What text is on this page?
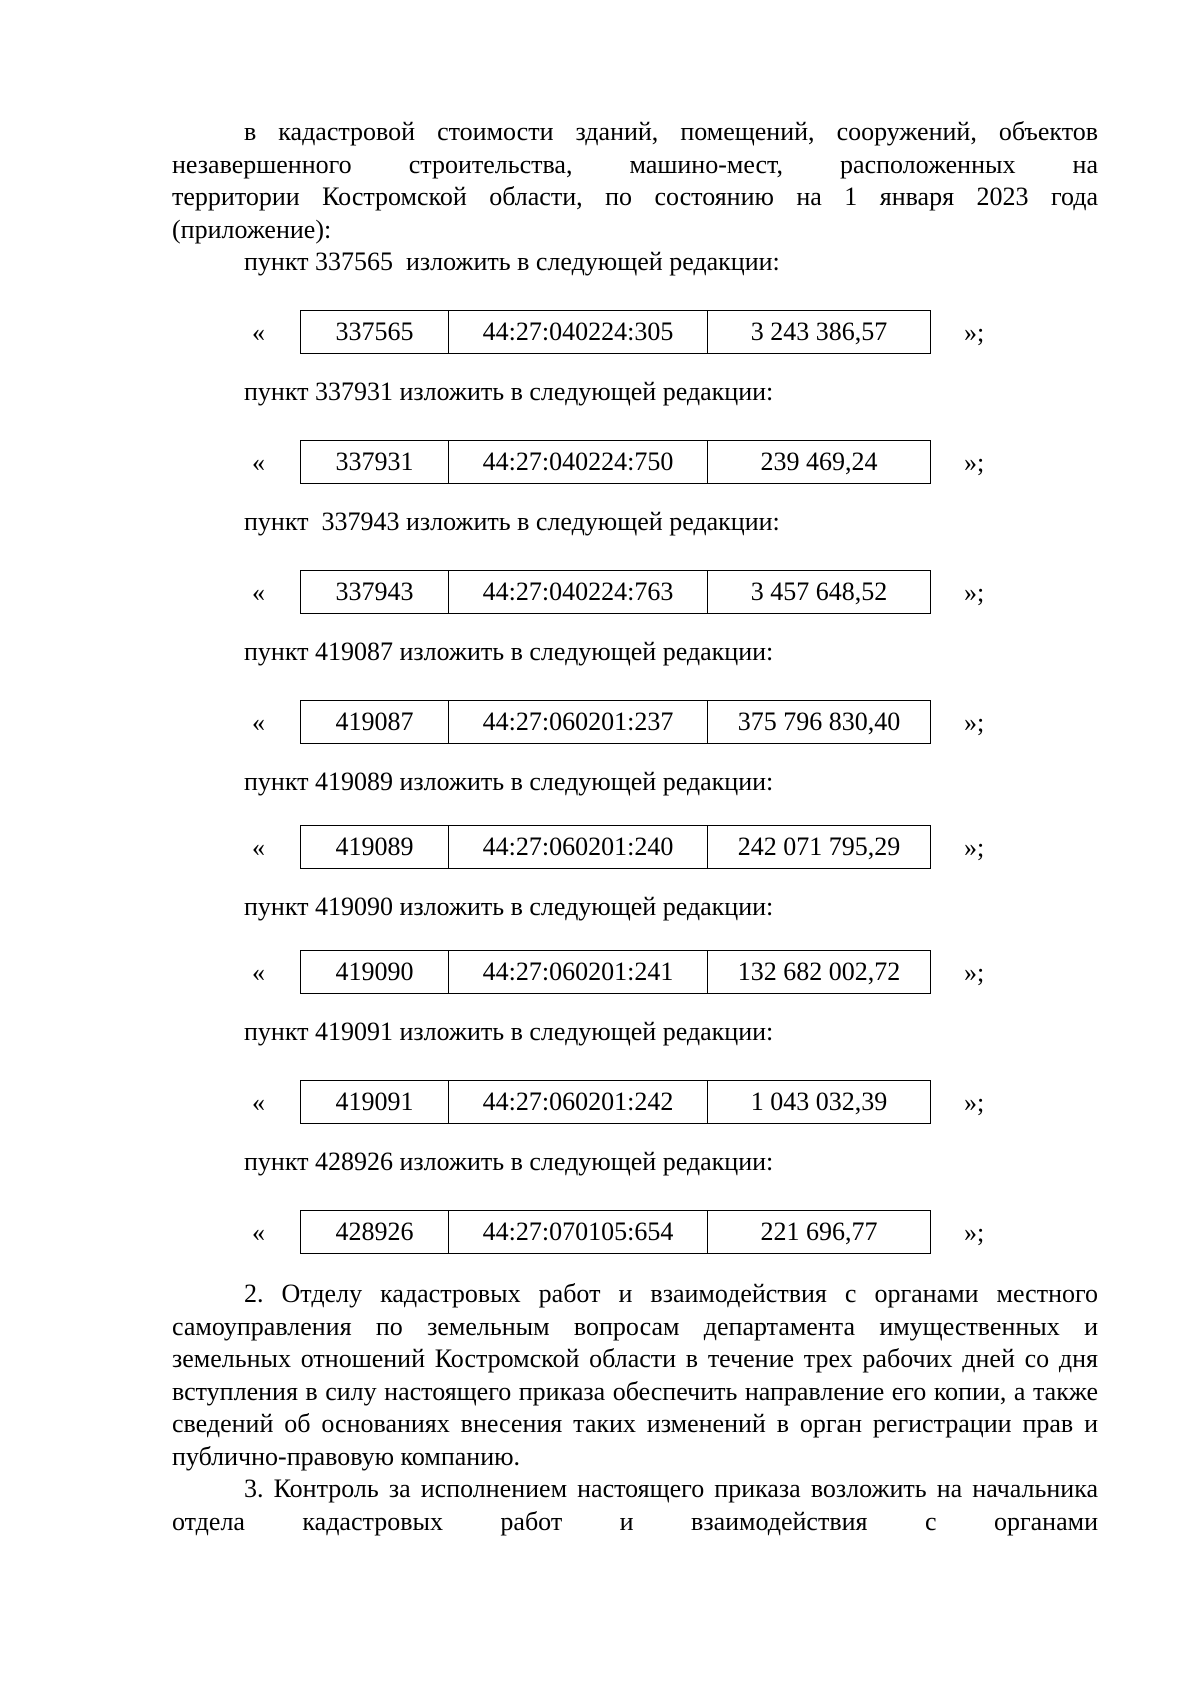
в кадастровой стоимости зданий, помещений, сооружений, объектов
незавершенного строительства, машино-мест, расположенных на
территории Костромской области, по состоянию на 1 января 2023 года
(приложение):
пункт 337565  изложить в следующей редакции:
«	337565	44:27:040224:305	3 243 386,57	»;
пункт 337931 изложить в следующей редакции:
«	337931	44:27:040224:750	239 469,24	»;
пункт  337943 изложить в следующей редакции:
«	337943	44:27:040224:763	3 457 648,52	»;
пункт 419087 изложить в следующей редакции:
«	419087	44:27:060201:237	375 796 830,40	»;
пункт 419089 изложить в следующей редакции:
«	419089	44:27:060201:240	242 071 795,29	»;
пункт 419090 изложить в следующей редакции:
«	419090	44:27:060201:241	132 682 002,72	»;
пункт 419091 изложить в следующей редакции:
«	419091	44:27:060201:242	1 043 032,39	»;
пункт 428926 изложить в следующей редакции:
«	428926	44:27:070105:654	221 696,77	»;
2. Отделу кадастровых работ и взаимодействия с органами местного самоуправления по земельным вопросам департамента имущественных и земельных отношений Костромской области в течение трех рабочих дней со дня вступления в силу настоящего приказа обеспечить направление его копии, а также сведений об основаниях внесения таких изменений в орган регистрации прав и публично-правовую компанию.
3. Контроль за исполнением настоящего приказа возложить на начальника отдела кадастровых работ и взаимодействия с органами
